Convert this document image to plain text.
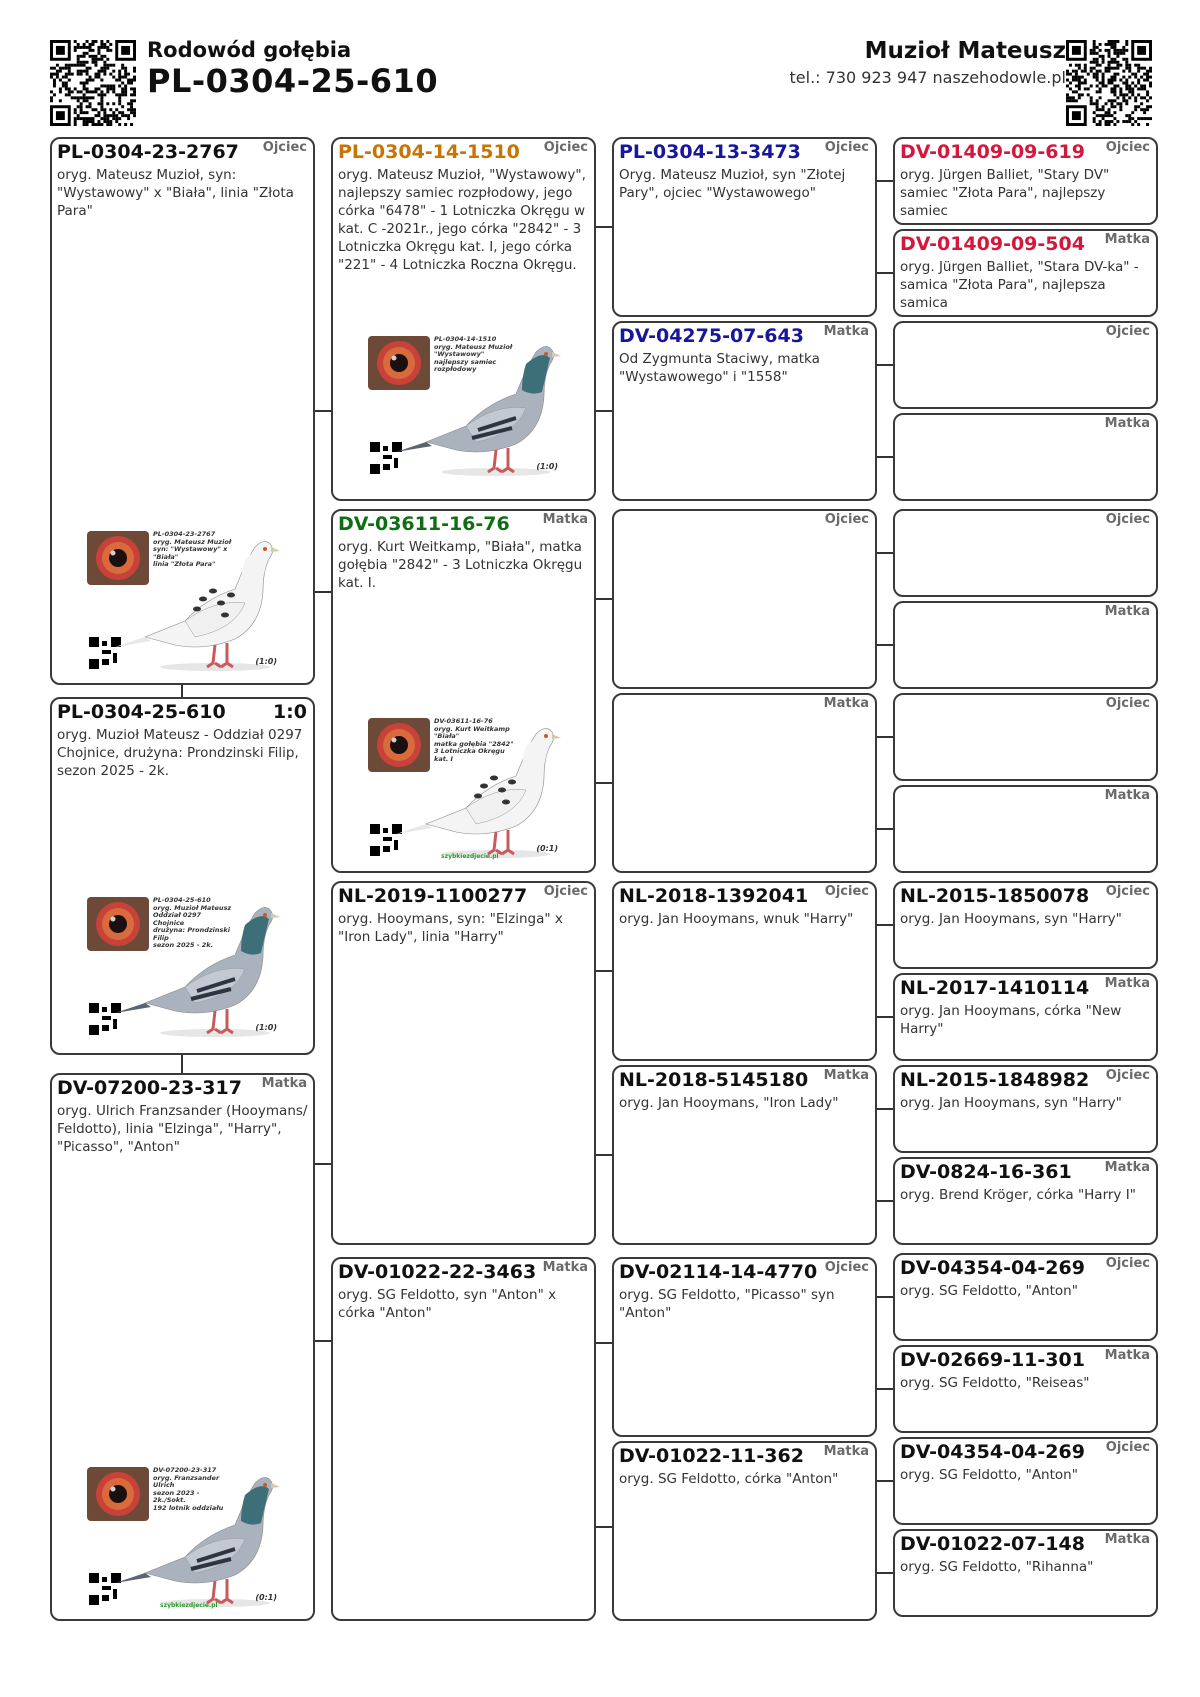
Rodowód gołębia
PL-0304-25-610
Muzioł Mateusz
tel.: 730 923 947 naszehodowle.pl
PL-0304-23-2767 Ojciec
oryg. Mateusz Muzioł, syn: "Wystawowy" x "Biała", linia "Złota Para"
PL-0304-23-2767
oryg. Mateusz Muzioł
syn: "Wystawowy" x "Biała"
linia "Złota Para"
(1:0)
PL-0304-25-610 1:0
oryg. Muzioł Mateusz - Oddział 0297 Chojnice, drużyna: Prondzinski Filip, sezon 2025 - 2k.
PL-0304-25-610
oryg. Muzioł Mateusz
Oddział 0297 Chojnice
drużyna: Prondzinski Filip
sezon 2025 - 2k.
(1:0)
DV-07200-23-317 Matka
oryg. Ulrich Franzsander (Hooymans/ Feldotto), linia "Elzinga", "Harry", "Picasso", "Anton"
DV-07200-23-317
oryg. Franzsander Ulrich
sezon 2023 - 2k./Sokt.
192 lotnik oddziału
(0:1)
szybkiezdjecie.pl
PL-0304-14-1510 Ojciec
oryg. Mateusz Muzioł, "Wystawowy", najlepszy samiec rozpłodowy, jego córka "6478" - 1 Lotniczka Okręgu w kat. C -2021r., jego córka "2842" - 3 Lotniczka Okręgu kat. I, jego córka "221" - 4 Lotniczka Roczna Okręgu.
PL-0304-14-1510
oryg. Mateusz Muzioł
"Wystawowy"
najlepszy samiec rozpłodowy
(1:0)
DV-03611-16-76	Matka
oryg. Kurt Weitkamp, "Biała", matka gołębia "2842" - 3 Lotniczka Okręgu kat. I.
DV-03611-16-76
oryg. Kurt Weitkamp
"Biała"
matka gołębia "2842"
3 Lotniczka Okręgu kat. I
(0:1)
szybkiezdjecie.pl
NL-2019-1100277 Ojciec
oryg. Hooymans, syn: "Elzinga" x "Iron Lady", linia "Harry"
DV-01022-22-3463 Matka
oryg. SG Feldotto, syn "Anton" x córka "Anton"
PL-0304-13-3473 Ojciec
Oryg. Mateusz Muzioł, syn "Złotej Pary", ojciec "Wystawowego"
DV-04275-07-643 Matka
Od Zygmunta Staciwy, matka "Wystawowego" i "1558"
Ojciec
Matka
NL-2018-1392041 Ojciec
oryg. Jan Hooymans, wnuk "Harry"
NL-2018-5145180 Matka
oryg. Jan Hooymans, "Iron Lady"
DV-02114-14-4770 Ojciec
oryg. SG Feldotto, "Picasso" syn "Anton"
DV-01022-11-362 Matka
oryg. SG Feldotto, córka "Anton"
DV-01409-09-619 Ojciec
oryg. Jürgen Balliet, "Stary DV" samiec "Złota Para", najlepszy samiec
DV-01409-09-504 Matka
oryg. Jürgen Balliet, "Stara DV-ka" - samica "Złota Para", najlepsza samica
Ojciec
Matka
Ojciec
Matka
Ojciec
Matka
NL-2015-1850078 Ojciec
oryg. Jan Hooymans, syn "Harry"
NL-2017-1410114 Matka
oryg. Jan Hooymans, córka "New Harry"
NL-2015-1848982 Ojciec
oryg. Jan Hooymans, syn "Harry"
DV-0824-16-361	Matka
oryg. Brend Kröger, córka "Harry I"
DV-04354-04-269 Ojciec
oryg. SG Feldotto, "Anton"
DV-02669-11-301 Matka
oryg. SG Feldotto, "Reiseas"
DV-04354-04-269 Ojciec
oryg. SG Feldotto, "Anton"
DV-01022-07-148 Matka
oryg. SG Feldotto, "Rihanna"
